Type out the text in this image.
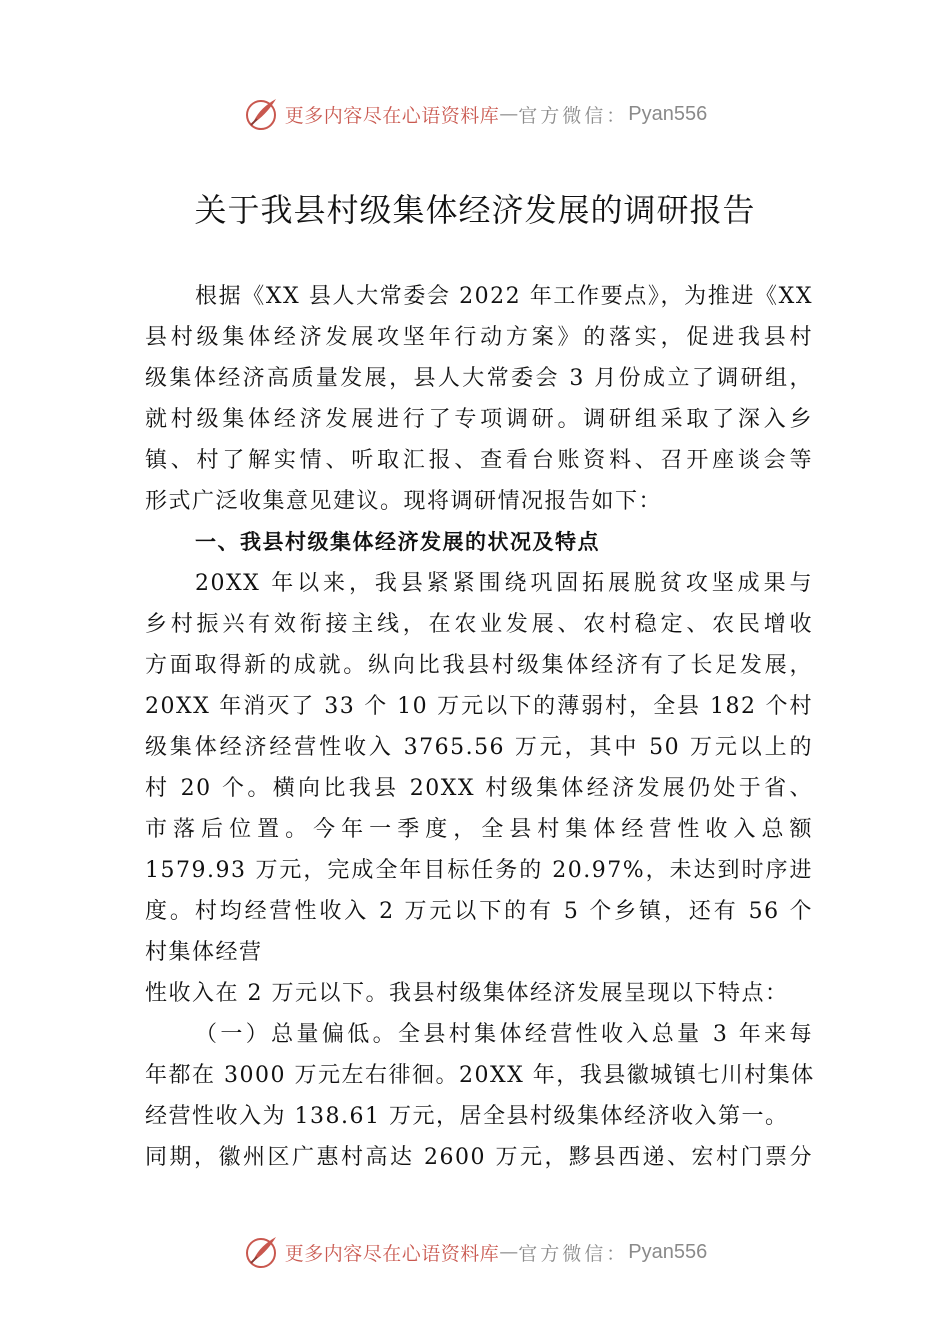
更多内容尽在心语资料库 — 官方微信： Pyan556
关于我县村级集体经济发展的调研报告
根据《XX 县人大常委会 2022 年工作要点》，为推进《XX
县村级集体经济发展攻坚年行动方案》的落实，促进我县村
级集体经济高质量发展，县人大常委会 3 月份成立了调研组，
就村级集体经济发展进行了专项调研。调研组采取了深入乡
镇、村了解实情、听取汇报、查看台账资料、召开座谈会等
形式广泛收集意见建议。现将调研情况报告如下：
一、我县村级集体经济发展的状况及特点
20XX 年以来，我县紧紧围绕巩固拓展脱贫攻坚成果与
乡村振兴有效衔接主线，在农业发展、农村稳定、农民增收
方面取得新的成就。纵向比我县村级集体经济有了长足发展，
20XX 年消灭了 33 个 10 万元以下的薄弱村，全县 182 个村
级集体经济经营性收入 3765.56 万元，其中 50 万元以上的
村 20 个。横向比我县 20XX 村级集体经济发展仍处于省、
市落后位置。今年一季度，全县村集体经营性收入总额
1579.93 万元，完成全年目标任务的 20.97%，未达到时序进
度。村均经营性收入 2 万元以下的有 5 个乡镇，还有 56 个
村集体经营
性收入在 2 万元以下。我县村级集体经济发展呈现以下特点：
（一）总量偏低。全县村集体经营性收入总量 3 年来每
年都在 3000 万元左右徘徊。20XX 年，我县徽城镇七川村集体
经营性收入为 138.61 万元，居全县村级集体经济收入第一。
同期，徽州区广惠村高达 2600 万元，黟县西递、宏村门票分
更多内容尽在心语资料库 — 官方微信： Pyan556
